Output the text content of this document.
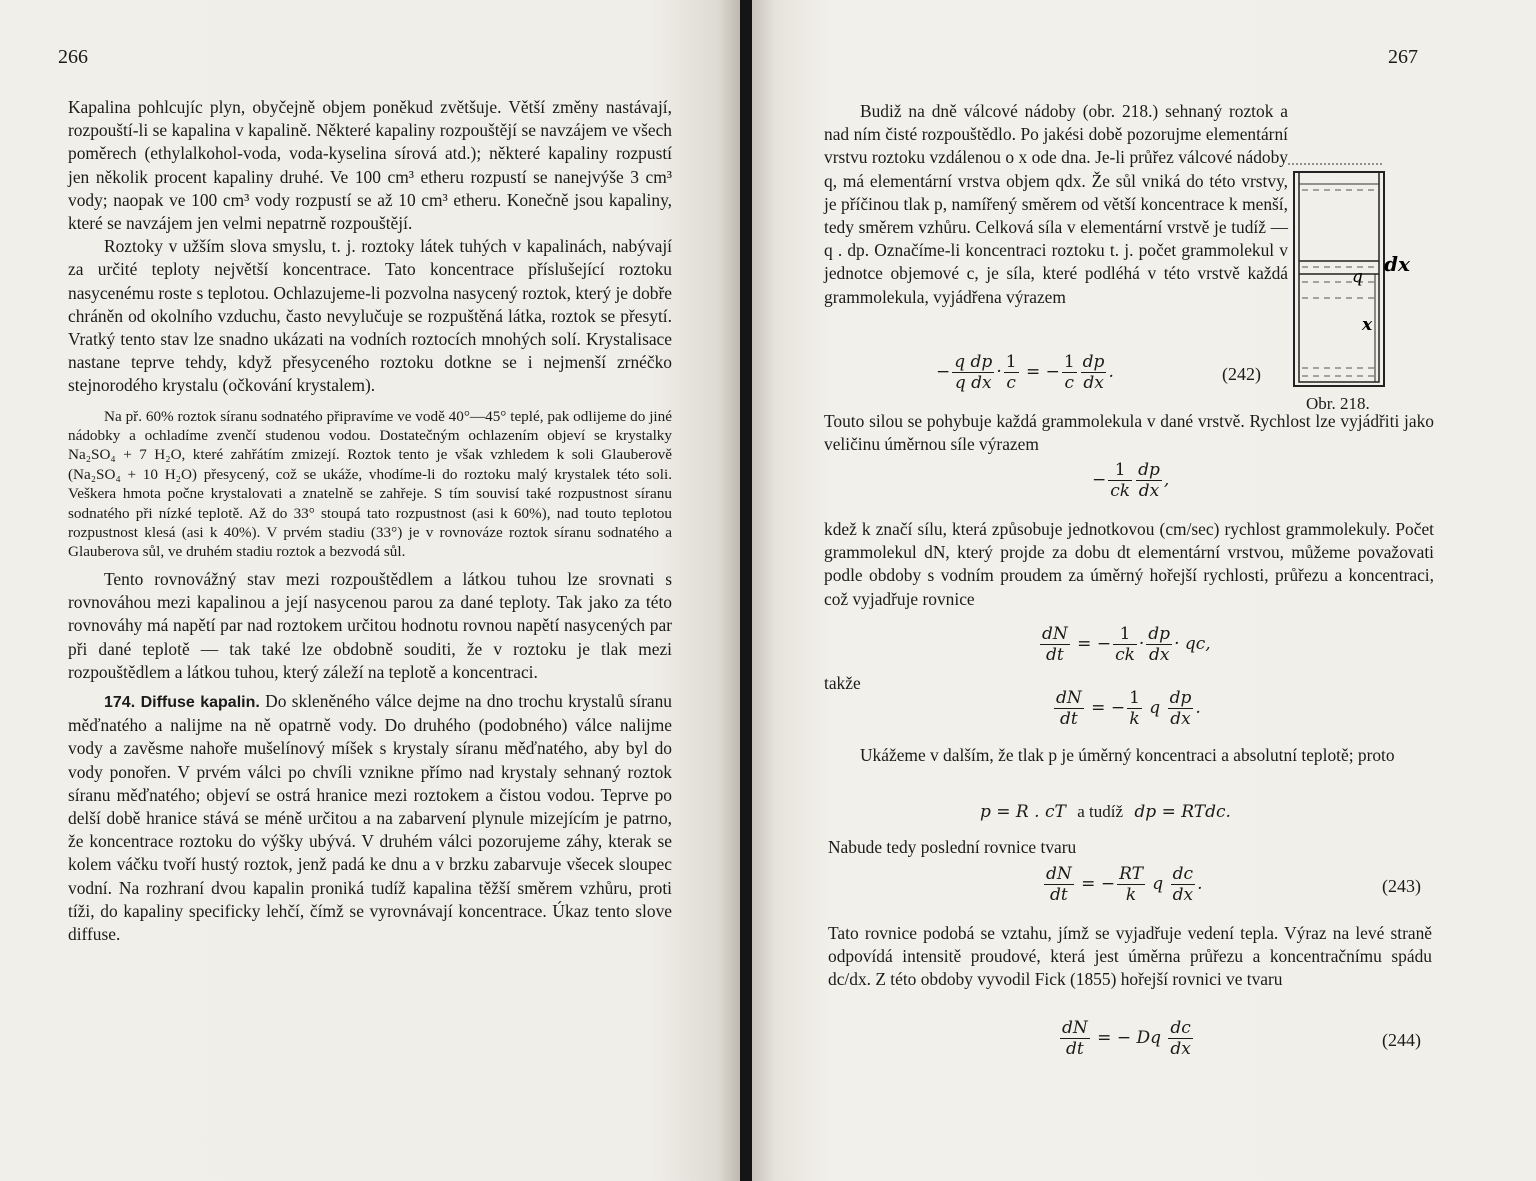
266

Kapalina pohlcujíc plyn, obyčejně objem poněkud zvětšuje. Větší změny nastávají, rozpouští-li se kapalina v kapalině. Některé kapaliny rozpouštějí se navzájem ve všech poměrech (ethylalkohol-voda, voda-kyselina sírová atd.); některé kapaliny rozpustí jen několik procent kapaliny druhé. Ve 100 cm³ etheru rozpustí se nanejvýše 3 cm³ vody; naopak ve 100 cm³ vody rozpustí se až 10 cm³ etheru. Konečně jsou kapaliny, které se navzájem jen velmi nepatrně rozpouštějí.

Roztoky v užším slova smyslu, t. j. roztoky látek tuhých v kapalinách, nabývají za určité teploty největší koncentrace. Tato koncentrace příslušející roztoku nasycenému roste s teplotou. Ochlazujeme-li pozvolna nasycený roztok, který je dobře chráněn od okolního vzduchu, často nevylučuje se rozpuštěná látka, roztok se přesytí. Vratký tento stav lze snadno ukázati na vodních roztocích mnohých solí. Krystalisace nastane teprve tehdy, když přesyceného roztoku dotkne se i nejmenší zrnéčko stejnorodého krystalu (očkování krystalem).

Na př. 60% roztok síranu sodnatého připravíme ve vodě 40°—45° teplé, pak odlijeme do jiné nádobky a ochladíme zvenčí studenou vodou. Dostatečným ochlazením objeví se krystalky Na₂SO₄ + 7 H₂O, které zahřátím zmizejí. Roztok tento je však vzhledem k soli Glauberově (Na₂SO₄ + 10 H₂O) přesycený, což se ukáže, vhodíme-li do roztoku malý krystalek této soli. Veškera hmota počne krystalovati a znatelně se zahřeje. S tím souvisí také rozpustnost síranu sodnatého při nízké teplotě. Až do 33° stoupá tato rozpustnost (asi k 60%), nad touto teplotou rozpustnost klesá (asi k 40%). V prvém stadiu (33°) je v rovnováze roztok síranu sodnatého a Glauberova sůl, ve druhém stadiu roztok a bezvodá sůl.

Tento rovnovážný stav mezi rozpouštědlem a látkou tuhou lze srovnati s rovnováhou mezi kapalinou a její nasycenou parou za dané teploty. Tak jako za této rovnováhy má napětí par nad roztokem určitou hodnotu rovnou napětí nasycených par při dané teplotě — tak také lze obdobně souditi, že v roztoku je tlak mezi rozpouštědlem a látkou tuhou, který záleží na teplotě a koncentraci.

174. Diffuse kapalin. Do skleněného válce dejme na dno trochu krystalů síranu měďnatého a nalijme na ně opatrně vody. Do druhého (podobného) válce nalijme vody a zavěsme nahoře mušelínový míšek s krystaly síranu měďnatého, aby byl do vody ponořen. V prvém válci po chvíli vznikne přímo nad krystaly sehnaný roztok síranu měďnatého; objeví se ostrá hranice mezi roztokem a čistou vodou. Teprve po delší době hranice stává se méně určitou a na zabarvení plynule mizejícím je patrno, že koncentrace roztoku do výšky ubývá. V druhém válci pozorujeme záhy, kterak se kolem váčku tvoří hustý roztok, jenž padá ke dnu a v brzku zabarvuje všecek sloupec vodní. Na rozhraní dvou kapalin proniká tudíž kapalina těžší směrem vzhůru, proti tíži, do kapaliny specificky lehčí, čímž se vyrovnávají koncentrace. Úkaz tento slove diffuse.

267

Budiž na dně válcové nádoby (obr. 218.) sehnaný roztok a nad ním čisté rozpouštědlo. Po jakési době pozorujme elementární vrstvu roztoku vzdálenou o x ode dna. Je-li průřez válcové nádoby q, má elementární vrstva objem qdx. Že sůl vniká do této vrstvy, je příčinou tlak p, namířený směrem od větší koncentrace k menší, tedy směrem vzhůru. Celková síla v elementární vrstvě je tudíž — q . dp. Označíme-li koncentraci roztoku t. j. počet grammolekul v jednotce objemové c, je síla, které podléhá v této vrstvě každá grammolekula, vyjádřena výrazem

q
x
dx
Obr. 218.
− $\frac{\text{q dp}}{\text{q dx}} \cdot \frac{1}{c}$ = − $\frac{1}{c} \frac{dp}{dx}$ .	(242)

Touto silou se pohybuje každá grammolekula v dané vrstvě. Rychlost lze vyjádřiti jako veličinu úměrnou síle výrazem

− $\frac{1}{ck} \frac{dp}{dx}$ ,

kdež k značí sílu, která způsobuje jednotkovou (cm/sec) rychlost grammolekuly. Počet grammolekul dN, který projde za dobu dt elementární vrstvou, můžeme považovati podle obdoby s vodním proudem za úměrný hořejší rychlosti, průřezu a koncentraci, což vyjadřuje rovnice

$\frac{dN}{dt}$ = − $\frac{1}{ck} \cdot \frac{dp}{dx}$ · qc,
takže
$\frac{dN}{dt}$ = − $\frac{1}{k}$ q $\frac{dp}{dx}$ .

Ukážeme v dalším, že tlak p je úměrný koncentraci a absolutní teplotě; proto

p = R . cT a tudíž dp = RTdc.

Nabude tedy poslední rovnice tvaru

$\frac{dN}{dt}$ = − $\frac{RT}{k}$ q $\frac{dc}{dx}$ .	(243)

Tato rovnice podobá se vztahu, jímž se vyjadřuje vedení tepla. Výraz na levé straně odpovídá intensitě proudové, která jest úměrna průřezu a koncentračnímu spádu dc/dx. Z této obdoby vyvodil Fick (1855) hořejší rovnici ve tvaru

$\frac{dN}{dt}$ = − Dq $\frac{dc}{dx}$	(244)
